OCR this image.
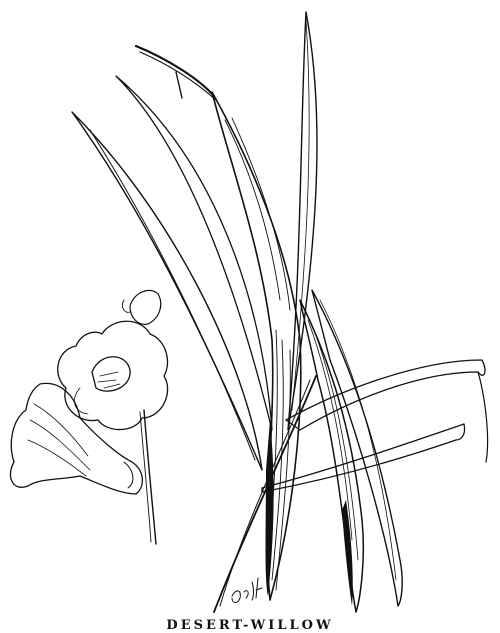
DESERT-WILLOW
